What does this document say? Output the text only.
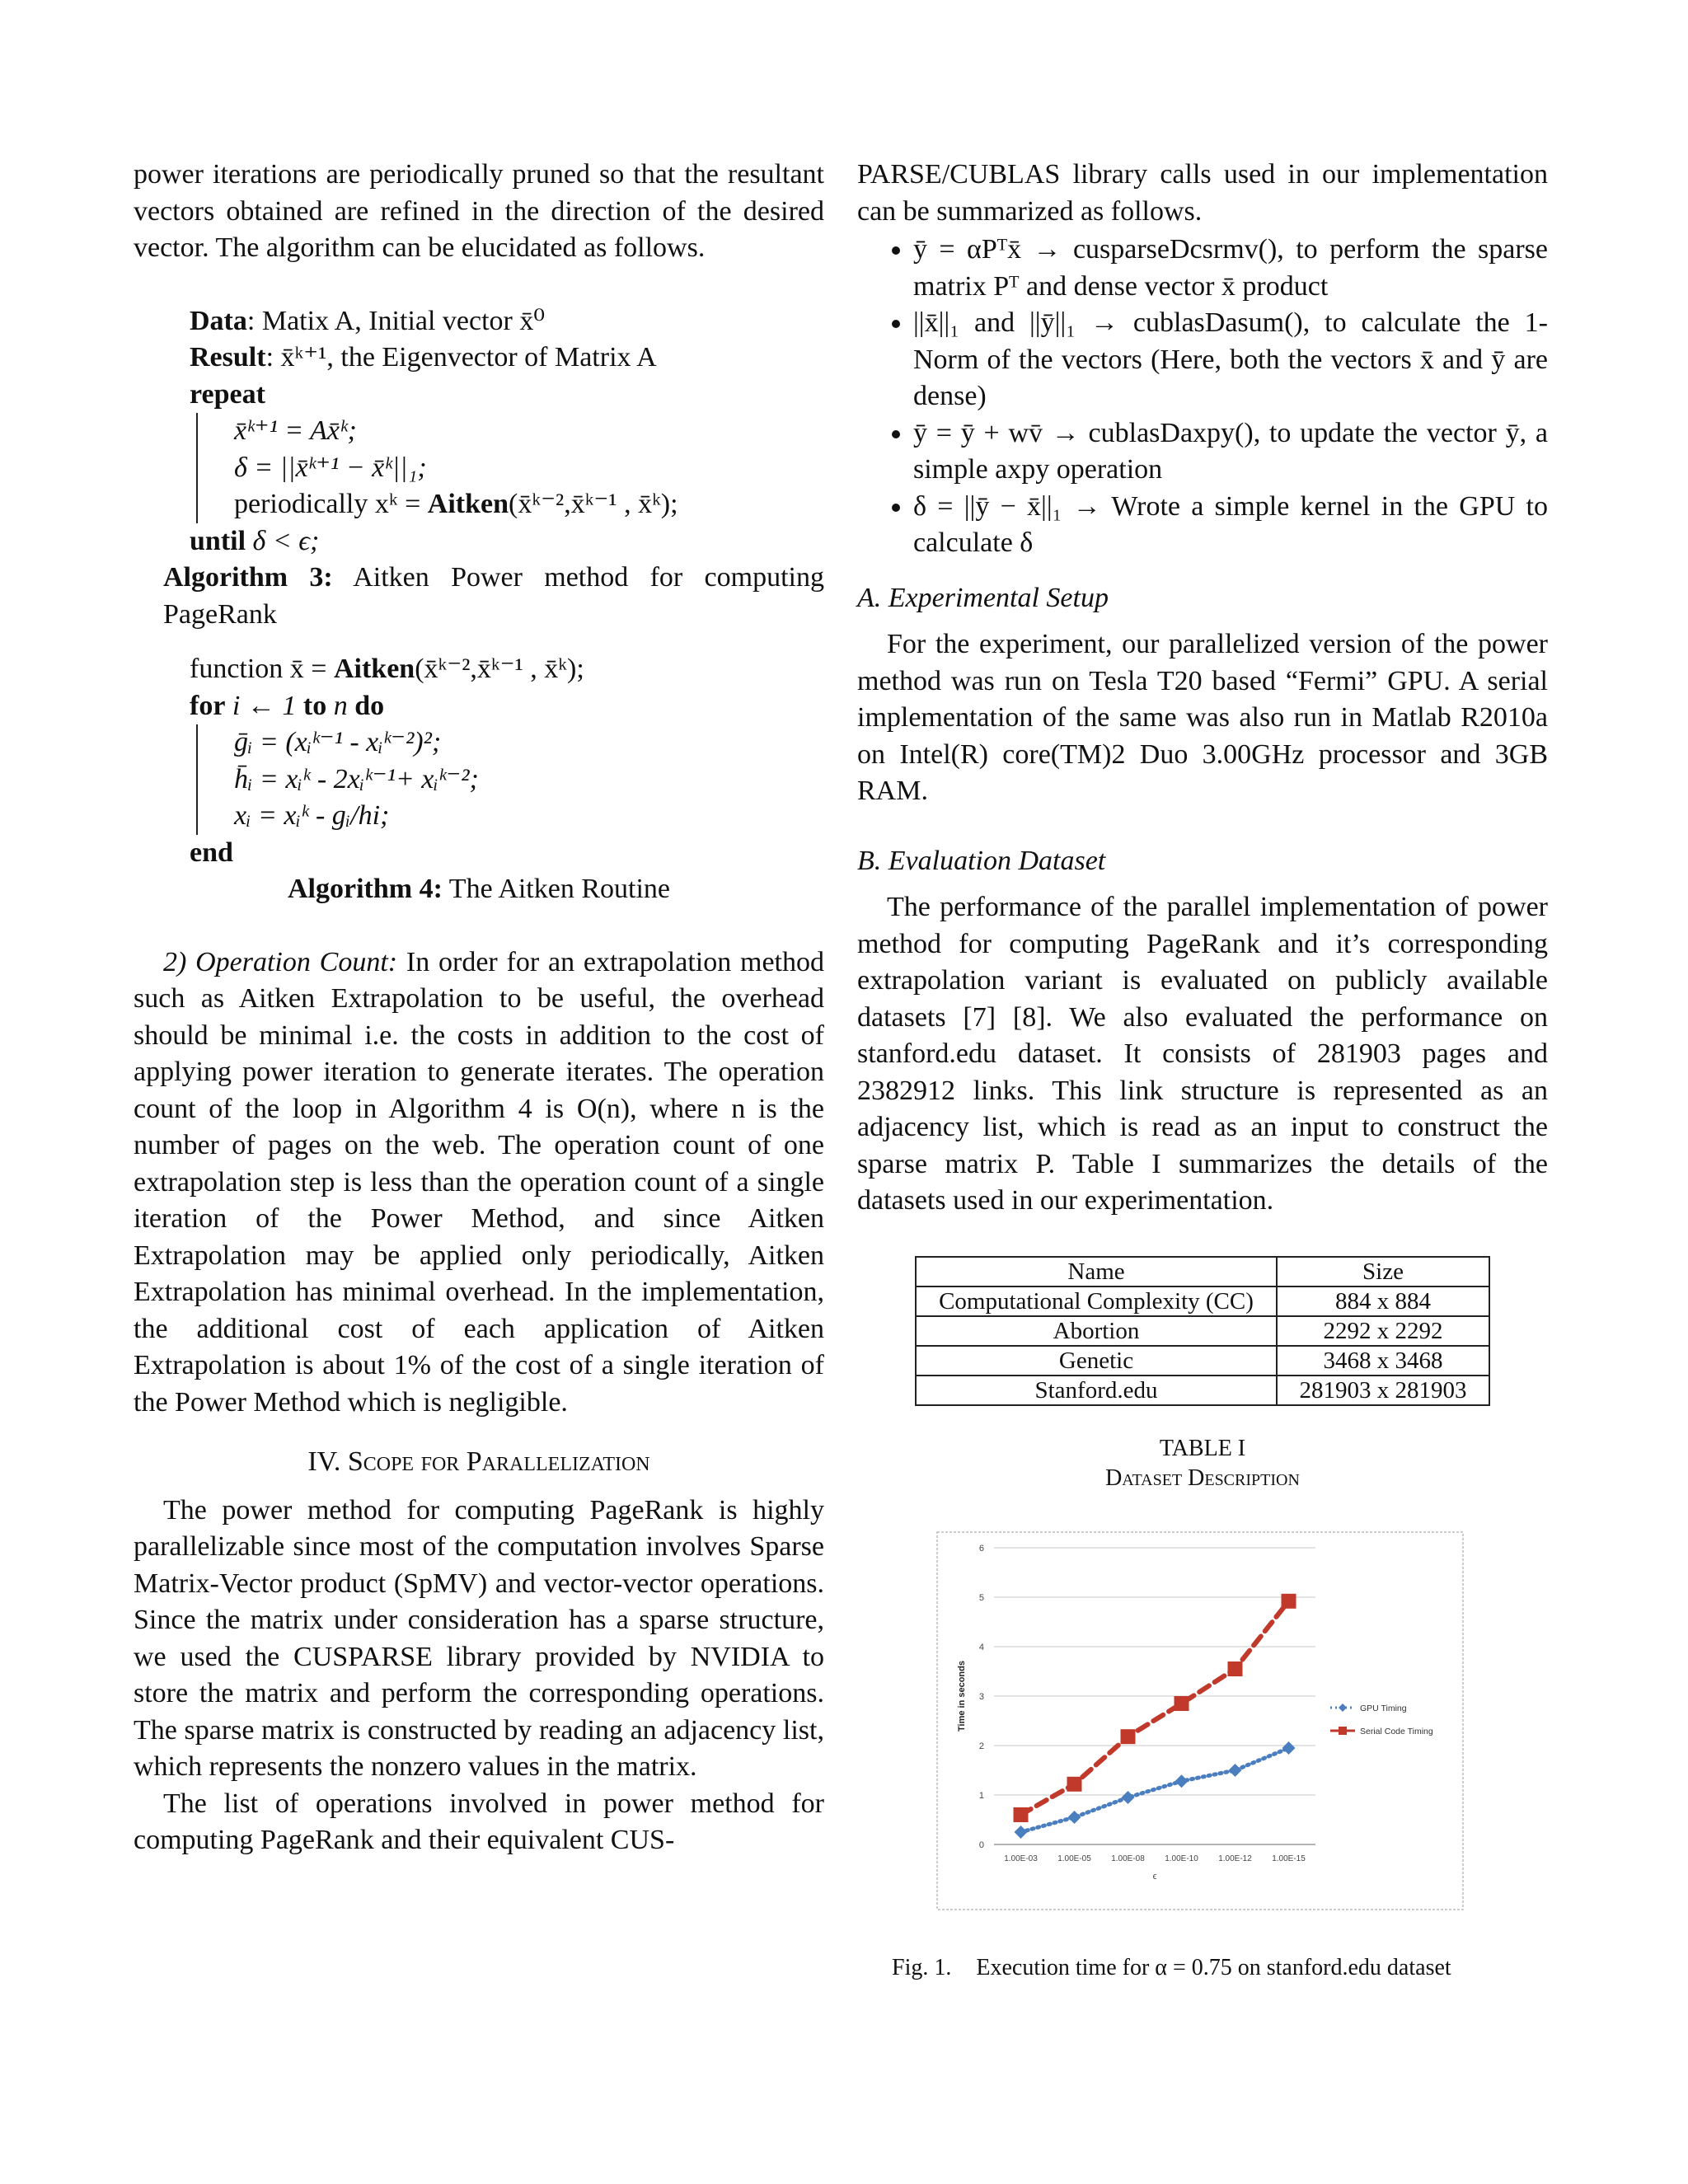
power iterations are periodically pruned so that the resultant vectors obtained are refined in the direction of the desired vector. The algorithm can be elucidated as follows.

Data: Matix A, Initial vector x̄⁰
Result: x̄ᵏ⁺¹, the Eigenvector of Matrix A
repeat
x̄ᵏ⁺¹ = Ax̄ᵏ;
δ = ||x̄ᵏ⁺¹ − x̄ᵏ||₁;
periodically xᵏ = Aitken(x̄ᵏ⁻²,x̄ᵏ⁻¹ , x̄ᵏ);
until δ < ϵ;

Algorithm 3: Aitken Power method for computing PageRank

function x̄ = Aitken(x̄ᵏ⁻²,x̄ᵏ⁻¹ , x̄ᵏ);
for i ← 1 to n do
ḡᵢ = (xᵢᵏ⁻¹ - xᵢᵏ⁻²)²;
h̄ᵢ = xᵢᵏ - 2xᵢᵏ⁻¹+ xᵢᵏ⁻²;
xᵢ = xᵢᵏ - gᵢ/hi;
end

Algorithm 4: The Aitken Routine

2) Operation Count: In order for an extrapolation method such as Aitken Extrapolation to be useful, the overhead should be minimal i.e. the costs in addition to the cost of applying power iteration to generate iterates. The operation count of the loop in Algorithm 4 is O(n), where n is the number of pages on the web. The operation count of one extrapolation step is less than the operation count of a single iteration of the Power Method, and since Aitken Extrapolation may be applied only periodically, Aitken Extrapolation has minimal overhead. In the implementation, the additional cost of each application of Aitken Extrapolation is about 1% of the cost of a single iteration of the Power Method which is negligible.

IV. Scope for Parallelization

The power method for computing PageRank is highly parallelizable since most of the computation involves Sparse Matrix-Vector product (SpMV) and vector-vector operations. Since the matrix under consideration has a sparse structure, we used the CUSPARSE library provided by NVIDIA to store the matrix and perform the corresponding operations. The sparse matrix is constructed by reading an adjacency list, which represents the nonzero values in the matrix.

The list of operations involved in power method for computing PageRank and their equivalent CUS-

PARSE/CUBLAS library calls used in our implementation can be summarized as follows.

• ȳ = αPᵀx̄ → cusparseDcsrmv(), to perform the sparse matrix Pᵀ and dense vector x̄ product
• ||x̄||₁ and ||ȳ||₁ → cublasDasum(), to calculate the 1-Norm of the vectors (Here, both the vectors x̄ and ȳ are dense)
• ȳ = ȳ + wv̄ → cublasDaxpy(), to update the vector ȳ, a simple axpy operation
• δ = ||ȳ − x̄||₁ → Wrote a simple kernel in the GPU to calculate δ
A. Experimental Setup

For the experiment, our parallelized version of the power method was run on Tesla T20 based “Fermi” GPU. A serial implementation of the same was also run in Matlab R2010a on Intel(R) core(TM)2 Duo 3.00GHz processor and 3GB RAM.

B. Evaluation Dataset

The performance of the parallel implementation of power method for computing PageRank and it’s corresponding extrapolation variant is evaluated on publicly available datasets [7] [8]. We also evaluated the performance on stanford.edu dataset. It consists of 281903 pages and 2382912 links. This link structure is represented as an adjacency list, which is read as an input to construct the sparse matrix P. Table I summarizes the details of the datasets used in our experimentation.

Name	Size
Computational Complexity (CC)	884 x 884
Abortion	2292 x 2292
Genetic	3468 x 3468
Stanford.edu	281903 x 281903
TABLE I
Dataset Description
0
1
2
3
4
5
6
1.00E-03 1.00E-05 1.00E-08 1.00E-10 1.00E-12 1.00E-15
ϵ
Time in seconds	GPU Timing
Serial Code Timing
Fig. 1. Execution time for α = 0.75 on stanford.edu dataset
